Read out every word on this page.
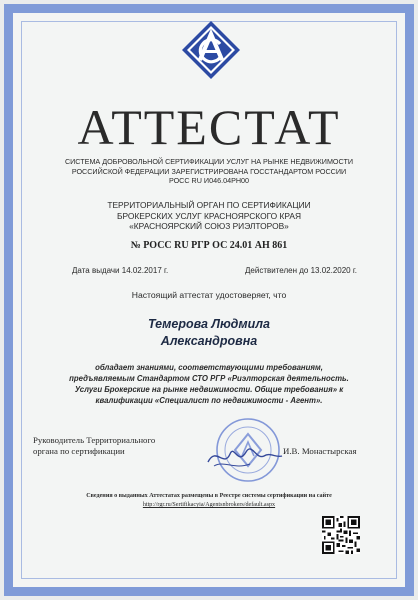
АТТЕСТАТ
СИСТЕМА ДОБРОВОЛЬНОЙ СЕРТИФИКАЦИИ УСЛУГ НА РЫНКЕ НЕДВИЖИМОСТИ
РОССИЙСКОЙ ФЕДЕРАЦИИ ЗАРЕГИСТРИРОВАНА ГОССТАНДАРТОМ РОССИИ
РОСС RU И046.04РН00
ТЕРРИТОРИАЛЬНЫЙ ОРГАН ПО СЕРТИФИКАЦИИ
БРОКЕРСКИХ УСЛУГ КРАСНОЯРСКОГО КРАЯ
«КРАСНОЯРСКИЙ СОЮЗ РИЭЛТОРОВ»
№ РОСС RU РГР ОС 24.01 АН 861
Дата выдачи 14.02.2017 г.	Действителен до 13.02.2020 г.
Настоящий аттестат удостоверяет, что
Темерова Людмила
Александровна
обладает знаниями, соответствующими требованиям,
предъявляемым Стандартом СТО РГР «Риэлторская деятельность.
Услуги Брокерские на рынке недвижимости. Общие требования» к
квалификации «Специалист по недвижимости - Агент».
Руководитель Территориального
органа по сертификации	И.В. Монастырская
Сведения о выданных Аттестатах размещены в Реестре системы сертификации на сайте
http://rgr.ru/Sertifikacyia/Agentsnbrokers/default.aspx
